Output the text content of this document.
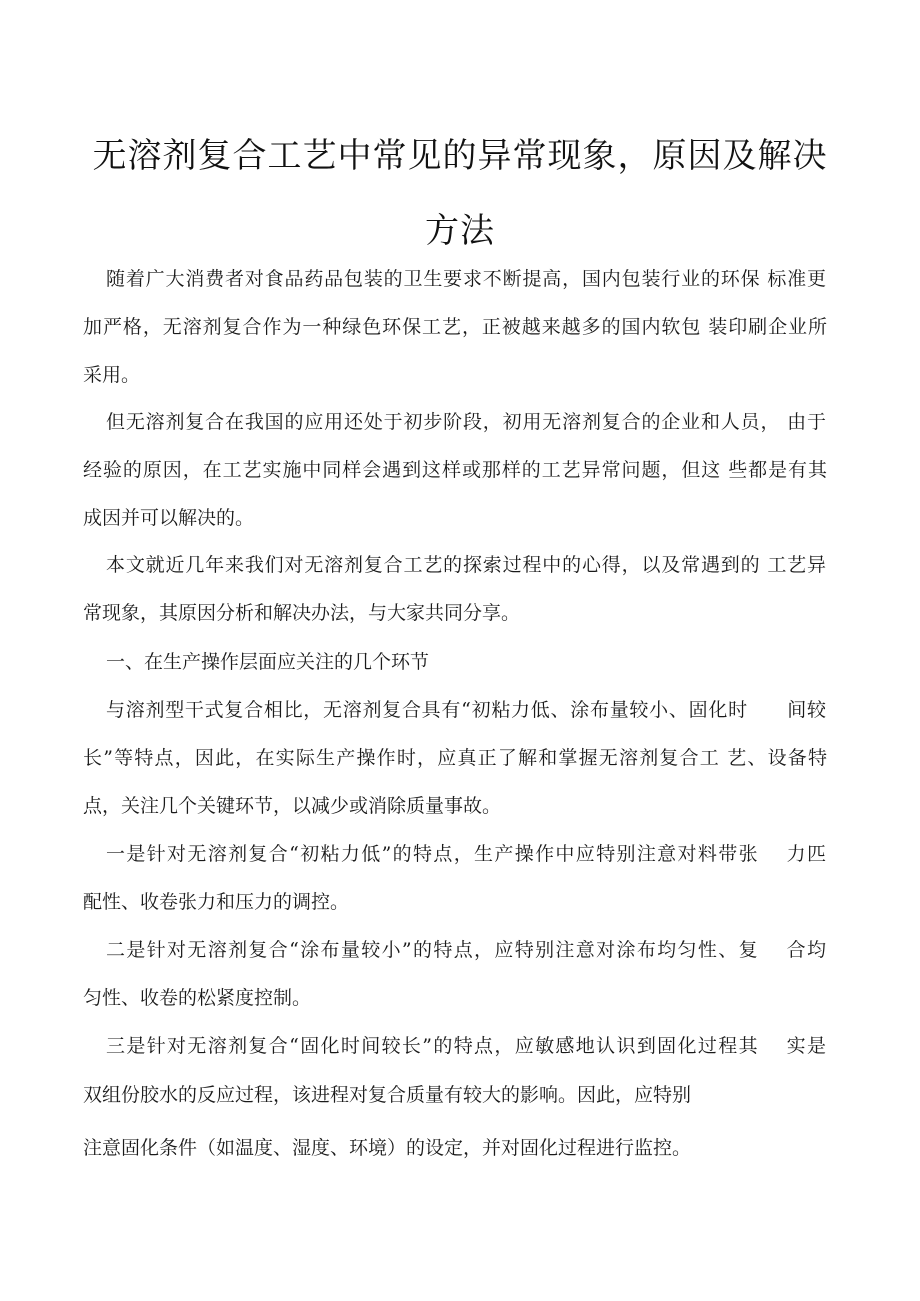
无溶剂复合工艺中常见的异常现象，原因及解决
方法

随着广大消费者对食品药品包装的卫生要求不断提高，国内包装行业的环保 标准更

加严格，无溶剂复合作为一种绿色环保工艺，正被越来越多的国内软包 装印刷企业所

采用。

但无溶剂复合在我国的应用还处于初步阶段，初用无溶剂复合的企业和人员， 由于

经验的原因，在工艺实施中同样会遇到这样或那样的工艺异常问题，但这 些都是有其

成因并可以解决的。

本文就近几年来我们对无溶剂复合工艺的探索过程中的心得，以及常遇到的 工艺异

常现象，其原因分析和解决办法，与大家共同分享。

一、在生产操作层面应关注的几个环节

与溶剂型干式复合相比，无溶剂复合具有“初粘力低、涂布量较小、固化时　　间较

长”等特点，因此，在实际生产操作时，应真正了解和掌握无溶剂复合工 艺、设备特

点，关注几个关键环节，以减少或消除质量事故。

一是针对无溶剂复合“初粘力低”的特点，生产操作中应特别注意对料带张　 力匹

配性、收卷张力和压力的调控。

二是针对无溶剂复合“涂布量较小”的特点，应特别注意对涂布均匀性、复　 合均

匀性、收卷的松紧度控制。

三是针对无溶剂复合“固化时间较长”的特点，应敏感地认识到固化过程其　 实是

双组份胶水的反应过程，该进程对复合质量有较大的影响。因此，应特别

注意固化条件（如温度、湿度、环境）的设定，并对固化过程进行监控。
